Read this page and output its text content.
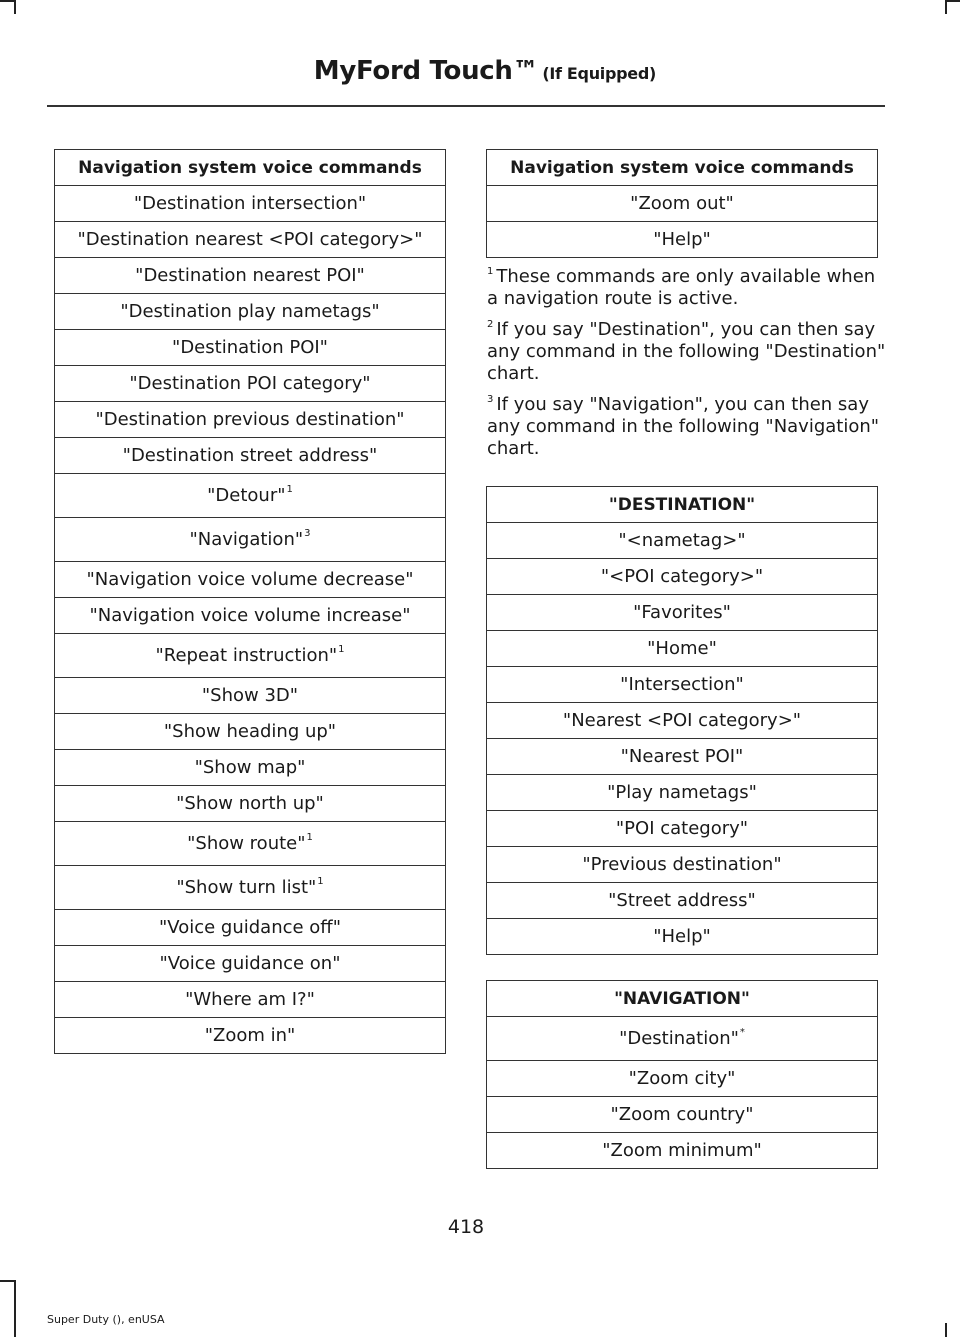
MyFord Touch™ (If Equipped)
Navigation system voice commands
"Destination intersection"
"Destination nearest <POI category>"
"Destination nearest POI"
"Destination play nametags"
"Destination POI"
"Destination POI category"
"Destination previous destination"
"Destination street address"
"Detour"$^1$
"Navigation"$^3$
"Navigation voice volume decrease"
"Navigation voice volume increase"
"Repeat instruction"$^1$
"Show 3D"
"Show heading up"
"Show map"
"Show north up"
"Show route"$^1$
"Show turn list"$^1$
"Voice guidance off"
"Voice guidance on"
"Where am I?"
"Zoom in"
Navigation system voice commands
"Zoom out"
"Help"

$^1$ These commands are only available when a navigation route is active.

$^2$ If you say "Destination", you can then say any command in the following "Destination" chart.

$^3$ If you say "Navigation", you can then say any command in the following "Navigation" chart.

"DESTINATION"
"<nametag>"
"<POI category>"
"Favorites"
"Home"
"Intersection"
"Nearest <POI category>"
"Nearest POI"
"Play nametags"
"POI category"
"Previous destination"
"Street address"
"Help"
"NAVIGATION"
"Destination"*
"Zoom city"
"Zoom country"
"Zoom minimum"
418
Super Duty (), enUSA
